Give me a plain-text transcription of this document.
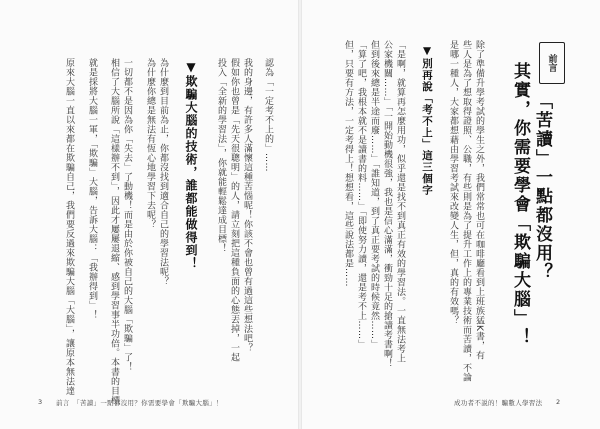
前言
「苦讀」一點都沒用？
其實，你需要學會「欺騙大腦」！
除了準備升學考試的學生之外，我們常常也可在咖啡廳看到上班族猛K書，有
些人是為了想取得證照、公職，有些則是為了提升工作上的專業技術而苦讀，不論
是哪一種人，大家都想藉由學習考試來改變人生，但，真的有效嗎？
▼別再說「考不上」這三個字
「是啊，就算再怎麼用功，似乎還是找不到真正有效的學習法。一直無法考上
公家機關……」「一開始動機很強，我也是信心滿滿，衝勁十足的搶讀考書啊！
但到後來總是半途而廢……」「誰知道，到了真正要考試的時候竟然……」
「算了吧，我根本就不是讀書的料……」「即使努力讀，還是考不上……」
但，只要有方法，一定考得上！想想看，這些說法都是……
認為「一定考不上的」……
我的身邊，有許多人滿懷這種苦惱呢！你該不會也曾有過這些想法吧？
假如你也曾是「先天很聰明」的人，請立刻把這種負面的心態丟掉，一起
投入「全新的學習法」，你就能輕鬆達成目標！
▼欺騙大腦的技術，誰都能做得到！
為什麼到目前為止，你都沒找到適合自己的學習法呢？
為什麼你總是無法有恆心地學習下去呢？
一切都不是因為你「失去」了動機！而是由於你被自己的大腦「欺騙」了！
相信了大腦所說「這樣辦不到」，因此才屢屢退縮、感到學習事半功倍。本書的目標
就是採將大腦一軍，「欺騙」大腦，告訴大腦：「我辦得到」！
原來大腦一直以來都在欺騙自己，我們要反過來欺騙大腦「大腦」，讓原本無法達
3 前言　「苦讀」一點都沒用？你需要學會「欺騙大腦」！	成功者不説的！騙數人學習法 2
